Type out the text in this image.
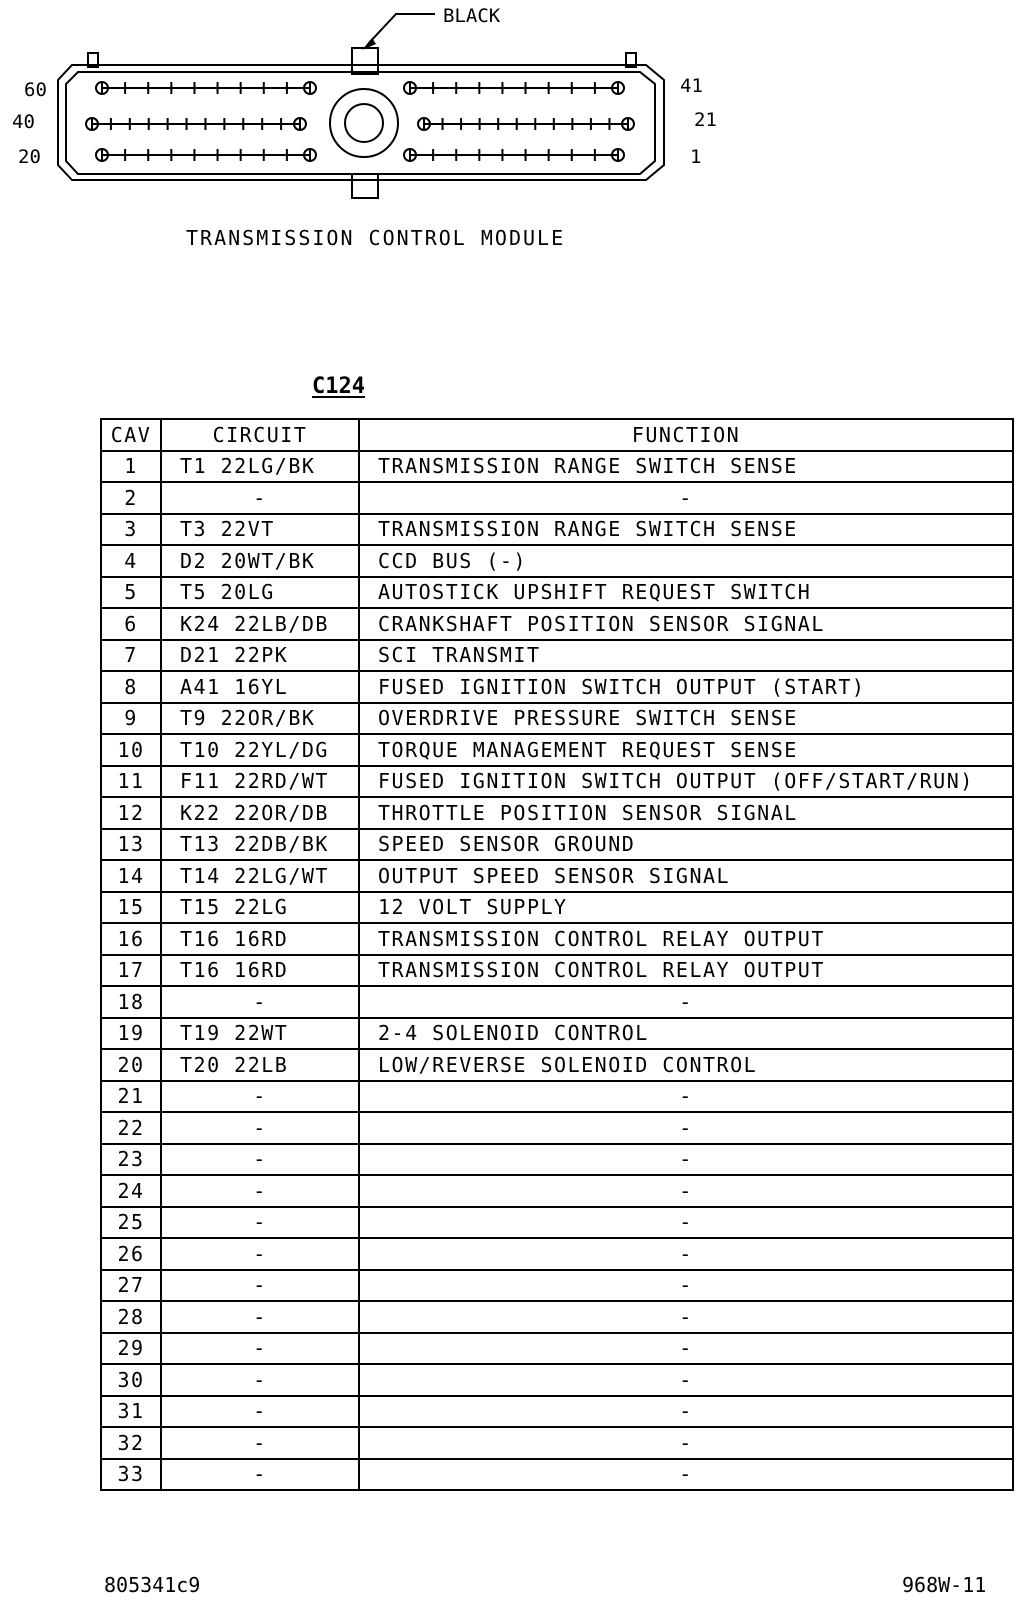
BLACK
60
40
20
41
21
1
TRANSMISSION CONTROL MODULE
C124
CAV	CIRCUIT	FUNCTION
1	T1 22LG/BK	TRANSMISSION RANGE SWITCH SENSE
2	-	-
3	T3 22VT	TRANSMISSION RANGE SWITCH SENSE
4	D2 20WT/BK	CCD BUS (-)
5	T5 20LG	AUTOSTICK UPSHIFT REQUEST SWITCH
6	K24 22LB/DB	CRANKSHAFT POSITION SENSOR SIGNAL
7	D21 22PK	SCI TRANSMIT
8	A41 16YL	FUSED IGNITION SWITCH OUTPUT (START)
9	T9 22OR/BK	OVERDRIVE PRESSURE SWITCH SENSE
10	T10 22YL/DG	TORQUE MANAGEMENT REQUEST SENSE
11	F11 22RD/WT	FUSED IGNITION SWITCH OUTPUT (OFF/START/RUN)
12	K22 22OR/DB	THROTTLE POSITION SENSOR SIGNAL
13	T13 22DB/BK	SPEED SENSOR GROUND
14	T14 22LG/WT	OUTPUT SPEED SENSOR SIGNAL
15	T15 22LG	12 VOLT SUPPLY
16	T16 16RD	TRANSMISSION CONTROL RELAY OUTPUT
17	T16 16RD	TRANSMISSION CONTROL RELAY OUTPUT
18	-	-
19	T19 22WT	2-4 SOLENOID CONTROL
20	T20 22LB	LOW/REVERSE SOLENOID CONTROL
21	-	-
22	-	-
23	-	-
24	-	-
25	-	-
26	-	-
27	-	-
28	-	-
29	-	-
30	-	-
31	-	-
32	-	-
33	-	-
805341c9	968W-11
